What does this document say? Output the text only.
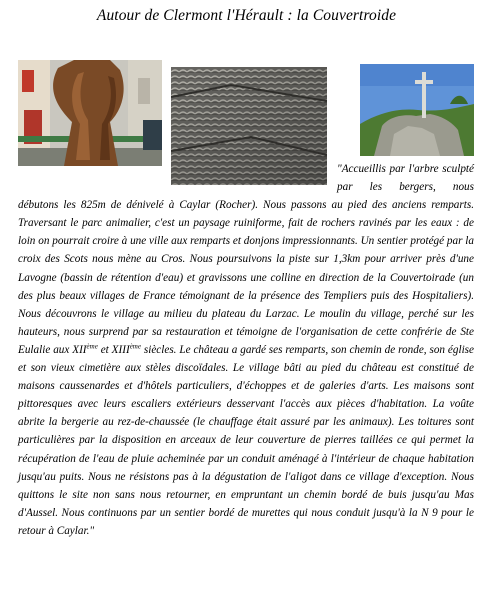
Autour de Clermont l'Hérault : la Couvertroide

"Accueillis par l'arbre sculpté par les bergers, nous débutons les 825m de dénivelé à Caylar (Rocher). Nous passons au pied des anciens remparts. Traversant le parc animalier, c'est un paysage ruiniforme, fait de rochers ravinés par les eaux : de loin on pourrait croire à une ville aux remparts et donjons impressionnants. Un sentier protégé par la croix des Scots nous mène au Cros. Nous poursuivons la piste sur 1,3km pour arriver près d'une Lavogne (bassin de rétention d'eau) et gravissons une colline en direction de la Couvertoirade (un des plus beaux villages de France témoignant de la présence des Templiers puis des Hospitaliers). Nous découvrons le village au milieu du plateau du Larzac. Le moulin du village, perché sur les hauteurs, nous surprend par sa restauration et témoigne de l'organisation de cette confrérie de Ste Eulalie aux XIIème et XIIIème siècles. Le château a gardé ses remparts, son chemin de ronde, son église et son vieux cimetière aux stèles discoïdales. Le village bâti au pied du château est constitué de maisons caussenardes et d'hôtels particuliers, d'échoppes et de galeries d'arts. Les maisons sont pittoresques avec leurs escaliers extérieurs desservant l'accès aux pièces d'habitation. La voûte abrite la bergerie au rez-de-chaussée (le chauffage était assuré par les animaux). Les toitures sont particulières par la disposition en arceaux de leur couverture de pierres taillées ce qui permet la récupération de l'eau de pluie acheminée par un conduit aménagé à l'intérieur de chaque habitation jusqu'au puits. Nous ne résistons pas à la dégustation de l'aligot dans ce village d'exception. Nous quittons le site non sans nous retourner, en empruntant un chemin bordé de buis jusqu'au Mas d'Aussel. Nous continuons par un sentier bordé de murettes qui nous conduit jusqu'à la N 9 pour le retour à Caylar."
